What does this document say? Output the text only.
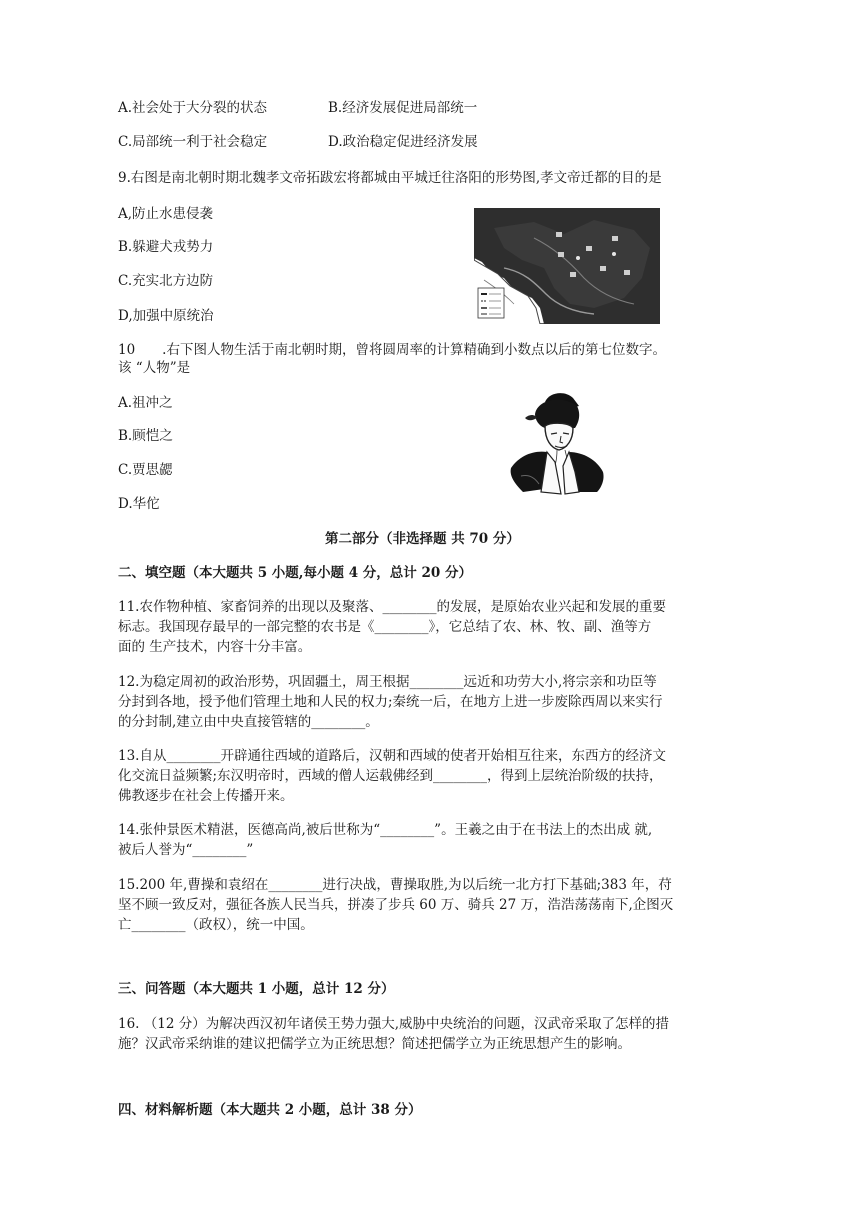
A.社会处于大分裂的状态	B.经济发展促进局部统一
C.局部统一利于社会稳定	D.政治稳定促进经济发展
9.右图是南北朝时期北魏孝文帝拓跋宏将都城由平城迁往洛阳的形势图,孝文帝迁都的目的是
A,防止水患侵袭
B.躲避犬戎势力
C.充实北方边防
D,加强中原统治
10　　.右下图人物生活于南北朝时期，曾将圆周率的计算精确到小数点以后的第七位数字。
该 “人物”是
A.祖冲之
B.顾恺之
C.贾思勰
D.华佗
第二部分（非选择题 共 70 分）
二、填空题（本大题共 5 小题,每小题 4 分，总计 20 分）
11.农作物种植、家畜饲养的出现以及聚落、________的发展，是原始农业兴起和发展的重要
标志。我国现存最早的一部完整的农书是《________》，它总结了农、林、牧、副、渔等方
面的 生产技术，内容十分丰富。
12.为稳定周初的政治形势，巩固疆土，周王根据________远近和功劳大小,将宗亲和功臣等
分封到各地，授予他们管理土地和人民的权力;秦统一后，在地方上进一步废除西周以来实行
的分封制,建立由中央直接管辖的________。
13.自从________开辟通往西域的道路后，汉朝和西域的使者开始相互往来，东西方的经济文
化交流日益频繁;东汉明帝时，西域的僧人运载佛经到________，得到上层统治阶级的扶持，
佛教逐步在社会上传播开来。
14.张仲景医术精湛，医德高尚,被后世称为“________”。王羲之由于在书法上的杰出成 就,
被后人誉为“________”
15.200 年,曹操和袁绍在________进行决战，曹操取胜,为以后统一北方打下基础;383 年，苻
坚不顾一致反对，强征各族人民当兵，拼凑了步兵 60 万、骑兵 27 万，浩浩荡荡南下,企图灭
亡________（政权），统一中国。
三、问答题（本大题共 1 小题，总计 12 分）
16. （12 分）为解决西汉初年诸侯王势力强大,威胁中央统治的问题，汉武帝采取了怎样的措
施？汉武帝采纳谁的建议把儒学立为正统思想？简述把儒学立为正统思想产生的影响。
四、材料解析题（本大题共 2 小题，总计 38 分）
